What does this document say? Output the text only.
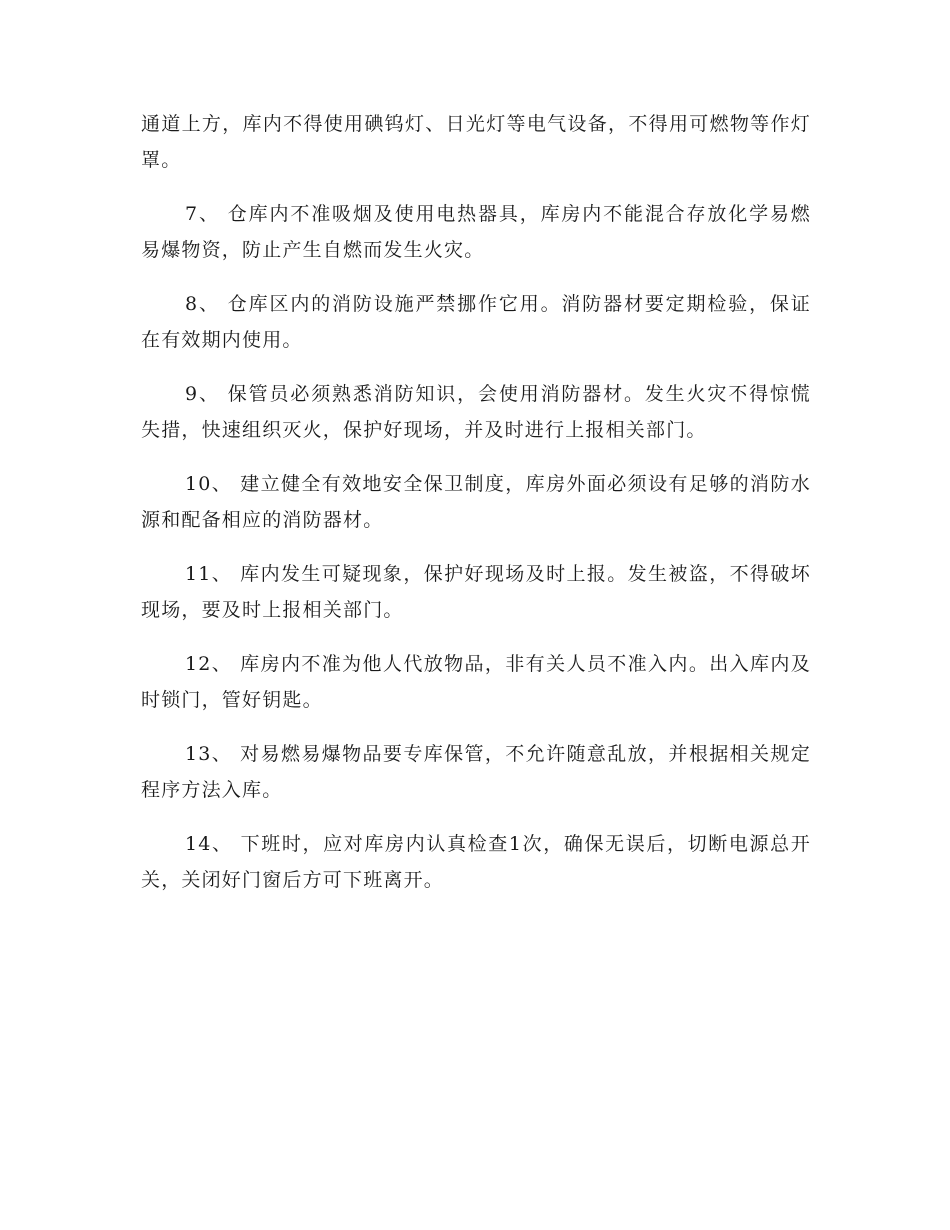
通道上方，库内不得使用碘钨灯、日光灯等电气设备，不得用可燃物等作灯罩。

7、 仓库内不准吸烟及使用电热器具，库房内不能混合存放化学易燃易爆物资，防止产生自燃而发生火灾。

8、 仓库区内的消防设施严禁挪作它用。消防器材要定期检验，保证在有效期内使用。

9、 保管员必须熟悉消防知识，会使用消防器材。发生火灾不得惊慌失措，快速组织灭火，保护好现场，并及时进行上报相关部门。

10、 建立健全有效地安全保卫制度，库房外面必须设有足够的消防水源和配备相应的消防器材。

11、 库内发生可疑现象，保护好现场及时上报。发生被盗，不得破坏现场，要及时上报相关部门。

12、 库房内不准为他人代放物品，非有关人员不准入内。出入库内及时锁门，管好钥匙。

13、 对易燃易爆物品要专库保管，不允许随意乱放，并根据相关规定程序方法入库。

14、 下班时，应对库房内认真检查1次，确保无误后，切断电源总开关，关闭好门窗后方可下班离开。
